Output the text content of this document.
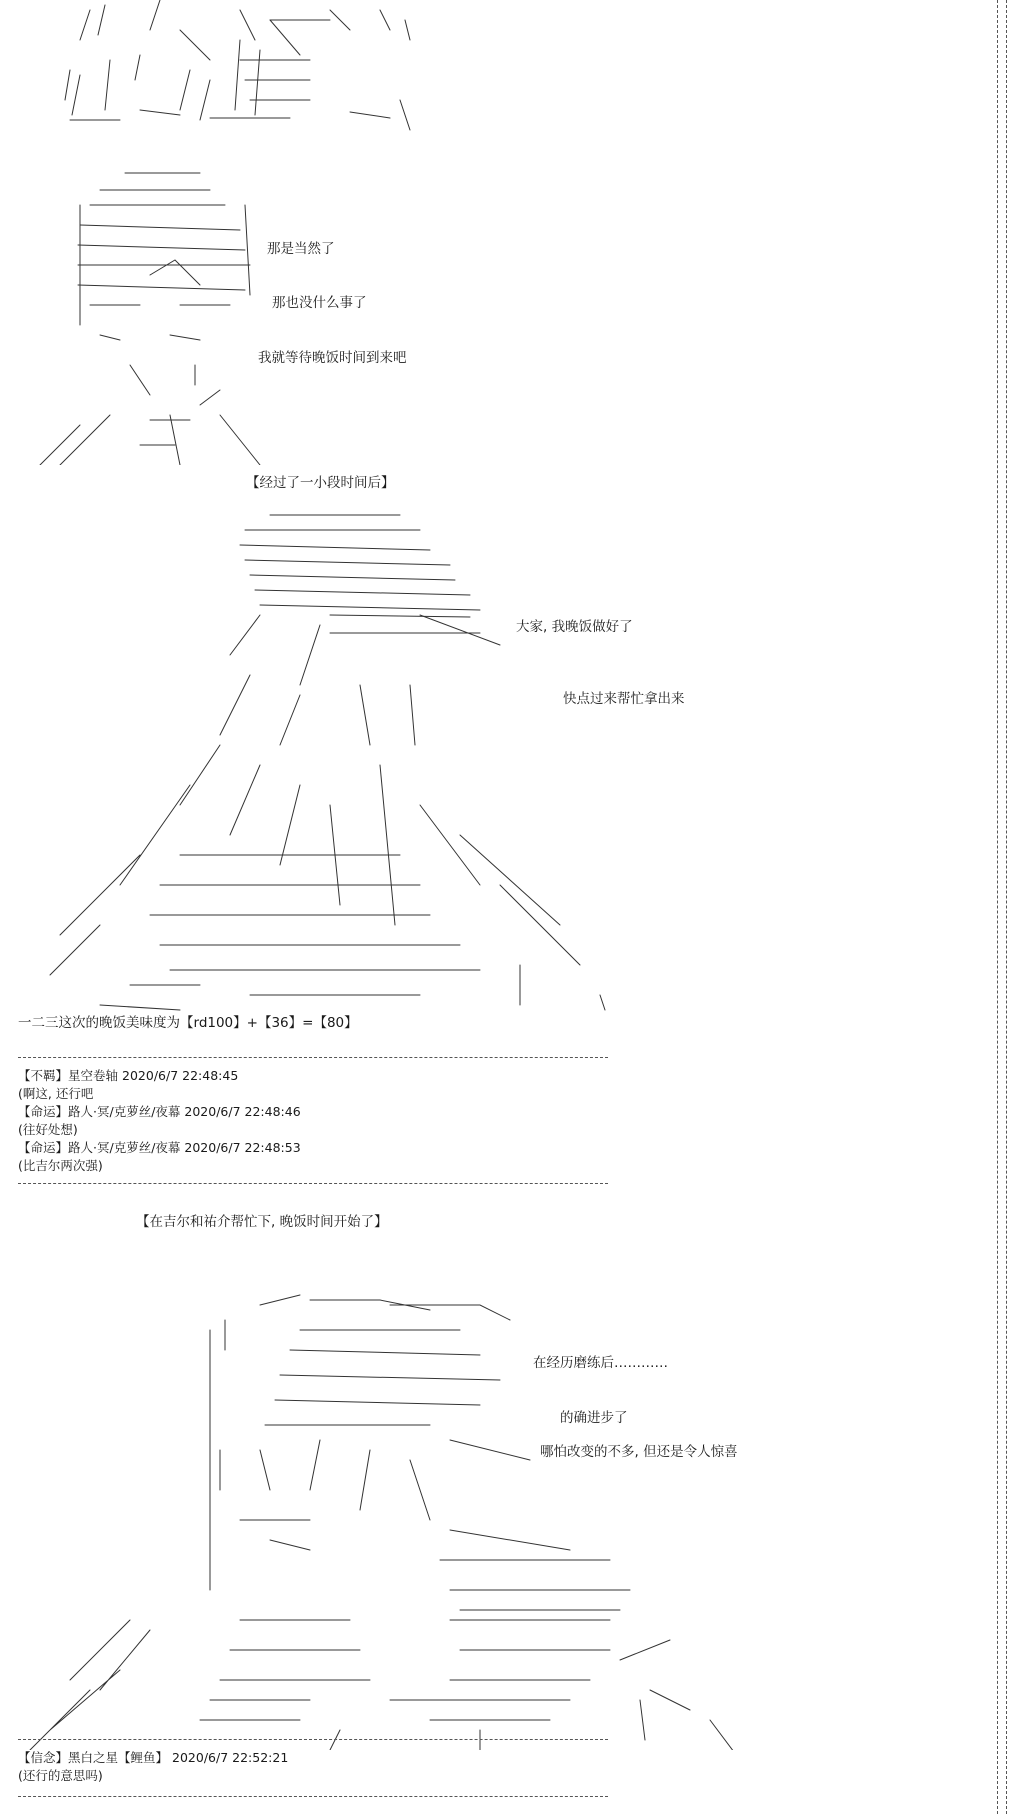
那是当然了
那也没什么事了
我就等待晚饭时间到来吧
【经过了一小段时间后】
大家, 我晚饭做好了
快点过来帮忙拿出来
一二三这次的晚饭美味度为【rd100】+【36】=【80】
【不羁】星空卷轴 2020/6/7 22:48:45
(啊这, 还行吧
【命运】路人·冥/克萝丝/夜幕 2020/6/7 22:48:46
(往好处想)
【命运】路人·冥/克萝丝/夜幕 2020/6/7 22:48:53
(比吉尔两次强)
【在吉尔和祐介帮忙下, 晚饭时间开始了】
在经历磨练后…………
的确进步了
哪怕改变的不多, 但还是令人惊喜
【信念】黑白之星【鲤鱼】 2020/6/7 22:52:21
(还行的意思吗)
